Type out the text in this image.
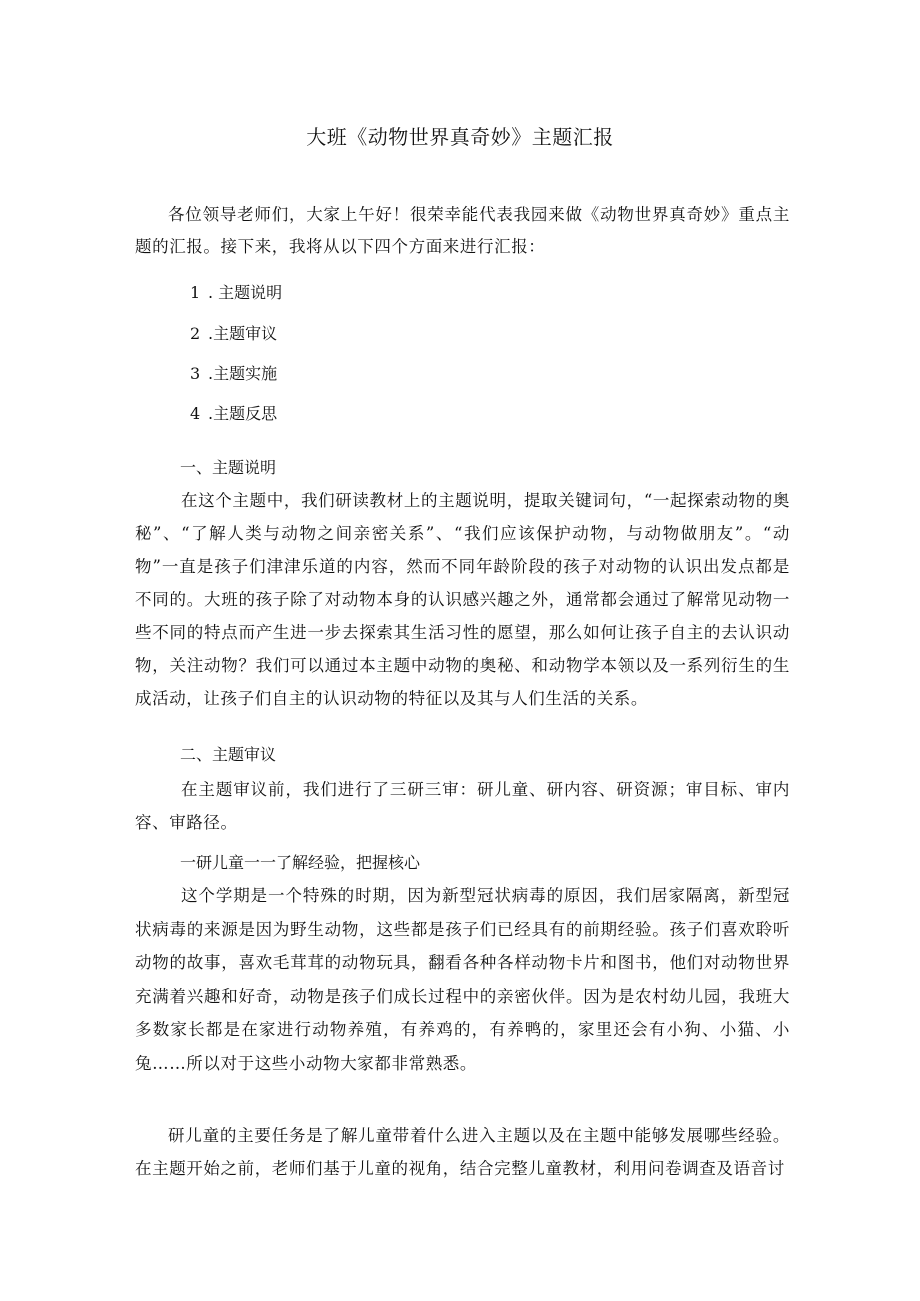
大班《动物世界真奇妙》主题汇报

各位领导老师们，大家上午好！很荣幸能代表我园来做《动物世界真奇妙》重点主题的汇报。接下来，我将从以下四个方面来进行汇报：

1 . 主题说明

2 .主题审议

3 .主题实施

4 .主题反思

一、主题说明

在这个主题中，我们研读教材上的主题说明，提取关键词句，“一起探索动物的奥秘”、“了解人类与动物之间亲密关系”、“我们应该保护动物，与动物做朋友”。“动物”一直是孩子们津津乐道的内容，然而不同年龄阶段的孩子对动物的认识出发点都是不同的。大班的孩子除了对动物本身的认识感兴趣之外，通常都会通过了解常见动物一些不同的特点而产生进一步去探索其生活习性的愿望，那么如何让孩子自主的去认识动物，关注动物？我们可以通过本主题中动物的奥秘、和动物学本领以及一系列衍生的生成活动，让孩子们自主的认识动物的特征以及其与人们生活的关系。

二、主题审议

在主题审议前，我们进行了三研三审：研儿童、研内容、研资源；审目标、审内容、审路径。

一研儿童一一了解经验，把握核心

这个学期是一个特殊的时期，因为新型冠状病毒的原因，我们居家隔离，新型冠状病毒的来源是因为野生动物，这些都是孩子们已经具有的前期经验。孩子们喜欢聆听动物的故事，喜欢毛茸茸的动物玩具，翻看各种各样动物卡片和图书，他们对动物世界充满着兴趣和好奇，动物是孩子们成长过程中的亲密伙伴。因为是农村幼儿园，我班大多数家长都是在家进行动物养殖，有养鸡的，有养鸭的，家里还会有小狗、小猫、小兔……所以对于这些小动物大家都非常熟悉。

研儿童的主要任务是了解儿童带着什么进入主题以及在主题中能够发展哪些经验。在主题开始之前，老师们基于儿童的视角，结合完整儿童教材，利用问卷调查及语音讨
